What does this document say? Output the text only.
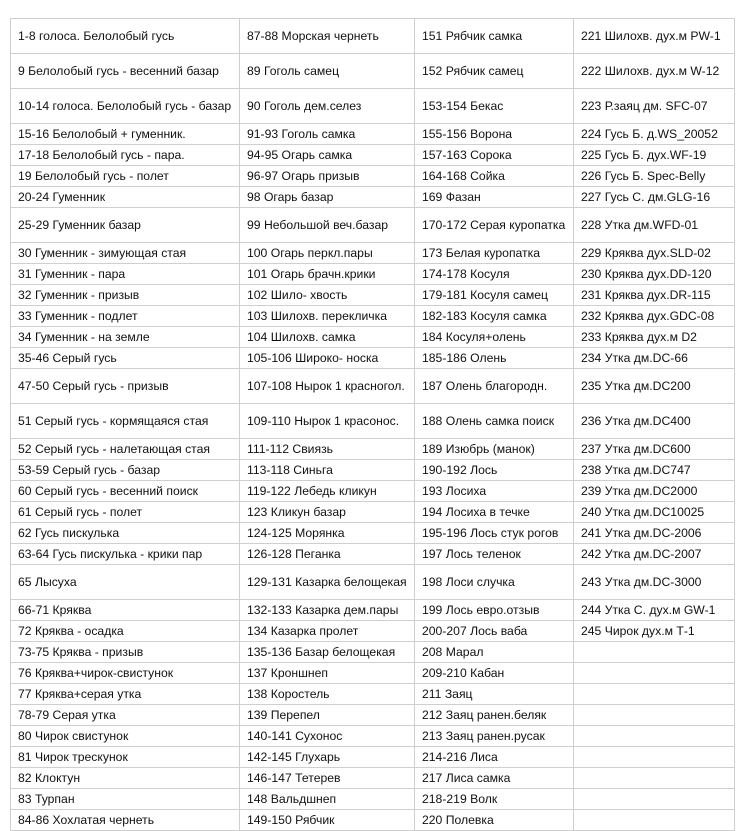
1-8 голоса. Белолобый гусь	87-88 Морская чернеть	151 Рябчик самка	221 Шилохв. дух.м PW-1
9 Белолобый гусь - весенний базар	89 Гоголь самец	152 Рябчик самец	222 Шилохв. дух.м W-12
10-14 голоса. Белолобый гусь - базар	90 Гоголь дем.селез	153-154 Бекас	223 Р.заяц дм. SFC-07
15-16 Белолобый + гуменник.	91-93 Гоголь самка	155-156 Ворона	224 Гусь Б. д.WS_20052
17-18 Белолобый гусь - пара.	94-95 Огарь самка	157-163 Сорока	225 Гусь Б. дух.WF-19
19 Белолобый гусь - полет	96-97 Огарь призыв	164-168 Сойка	226 Гусь Б. Spec-Belly
20-24 Гуменник	98 Огарь базар	169 Фазан	227 Гусь С. дм.GLG-16
25-29 Гуменник базар	99 Небольшой веч.базар	170-172 Серая куропатка	228 Утка дм.WFD-01
30 Гуменник - зимующая стая	100 Огарь перкл.пары	173 Белая куропатка	229 Кряква дух.SLD-02
31 Гуменник - пара	101 Огарь брачн.крики	174-178 Косуля	230 Кряква дух.DD-120
32 Гуменник - призыв	102 Шило- хвость	179-181 Косуля самец	231 Кряква дух.DR-115
33 Гуменник - подлет	103 Шилохв. перекличка	182-183 Косуля самка	232 Кряква дух.GDC-08
34 Гуменник - на земле	104 Шилохв. самка	184 Косуля+олень	233 Кряква дух.м D2
35-46 Серый гусь	105-106 Широко- носка	185-186 Олень	234 Утка дм.DC-66
47-50 Серый гусь - призыв	107-108 Нырок 1 красногол.	187 Олень благородн.	235 Утка дм.DC200
51 Серый гусь - кормящаяся стая	109-110 Нырок 1 красонос.	188 Олень самка поиск	236 Утка дм.DC400
52 Серый гусь - налетающая стая	111-112 Свиязь	189 Изюбрь (манок)	237 Утка дм.DC600
53-59 Серый гусь - базар	113-118 Синьга	190-192 Лось	238 Утка дм.DC747
60 Серый гусь - весенний поиск	119-122 Лебедь кликун	193 Лосиха	239 Утка дм.DC2000
61 Серый гусь - полет	123 Кликун базар	194 Лосиха в течке	240 Утка дм.DC10025
62 Гусь пискулька	124-125 Морянка	195-196 Лось стук рогов	241 Утка дм.DC-2006
63-64 Гусь пискулька - крики пар	126-128 Пеганка	197 Лось теленок	242 Утка дм.DC-2007
65 Лысуха	129-131 Казарка белощекая	198 Лоси случка	243 Утка дм.DC-3000
66-71 Кряква	132-133 Казарка дем.пары	199 Лось евро.отзыв	244 Утка С. дух.м GW-1
72 Кряква - осадка	134 Казарка пролет	200-207 Лось ваба	245 Чирок дух.м Т-1
73-75 Кряква - призыв	135-136 Базар белощекая	208 Марал	
76 Кряква+чирок-свистунок	137 Кроншнеп	209-210 Кабан	
77 Кряква+серая утка	138 Коростель	211 Заяц	
78-79 Серая утка	139 Перепел	212 Заяц ранен.беляк	
80 Чирок свистунок	140-141 Сухонос	213 Заяц ранен.русак	
81 Чирок трескунок	142-145 Глухарь	214-216 Лиса	
82 Клоктун	146-147 Тетерев	217 Лиса самка	
83 Турпан	148 Вальдшнеп	218-219 Волк	
84-86 Хохлатая чернеть	149-150 Рябчик	220 Полевка	
